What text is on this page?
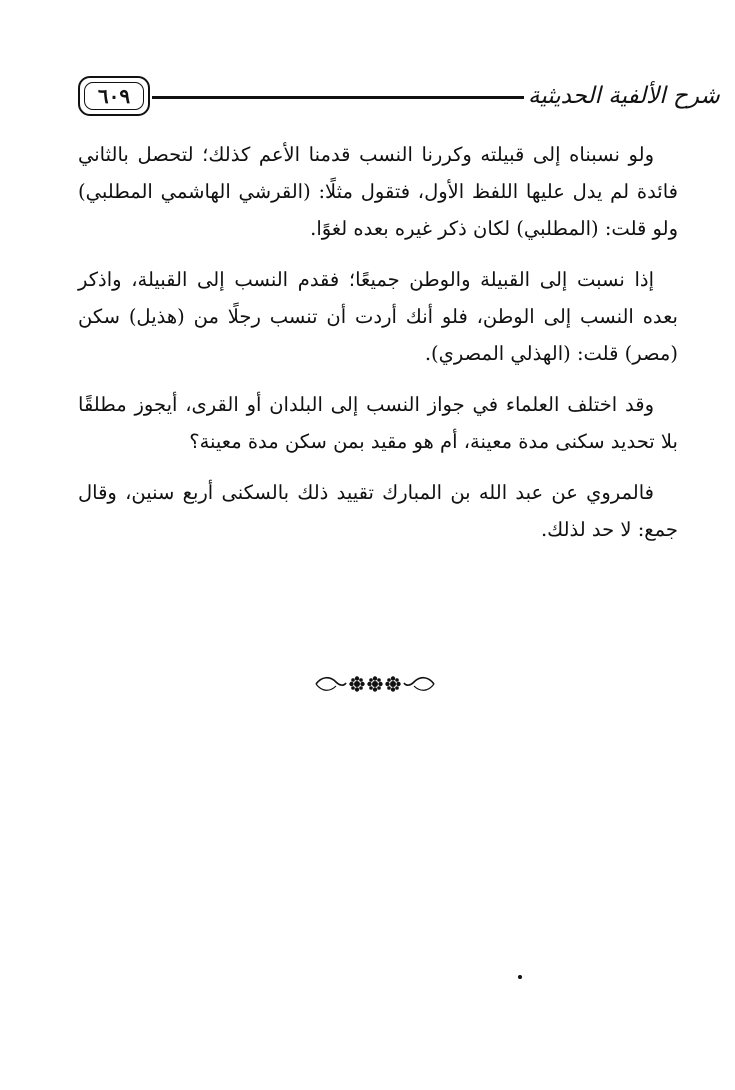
٦٠٩	شرح الألفية الحديثية

ولو نسبناه إلى قبيلته وكررنا النسب قدمنا الأعم كذلك؛ لتحصل بالثاني فائدة لم يدل عليها اللفظ الأول، فتقول مثلًا: (القرشي الهاشمي المطلبي) ولو قلت: (المطلبي) لكان ذكر غيره بعده لغوًا.

إذا نسبت إلى القبيلة والوطن جميعًا؛ فقدم النسب إلى القبيلة، واذكر بعده النسب إلى الوطن، فلو أنك أردت أن تنسب رجلًا من (هذيل) سكن (مصر) قلت: (الهذلي المصري).

وقد اختلف العلماء في جواز النسب إلى البلدان أو القرى، أيجوز مطلقًا بلا تحديد سكنى مدة معينة، أم هو مقيد بمن سكن مدة معينة؟

فالمروي عن عبد الله بن المبارك تقييد ذلك بالسكنى أربع سنين، وقال جمع: لا حد لذلك.
